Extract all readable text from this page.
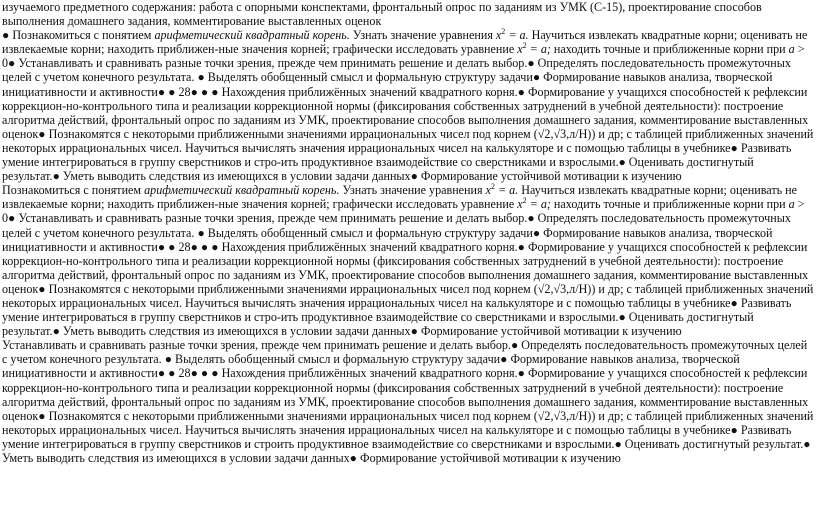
изучаемого предметного содержания: работа с опорными конспектами, фронтальный опрос по заданиям из УМК (С-15), проектирование способов выполнения домашнего задания, комментирование выставленных оценок

● Познакомиться с понятием арифметический квадратный корень. Узнать значение уравнения $x^2 = a$. Научиться извлекать квадратные корни; оценивать не извлекаемые корни; находить приближен-ные значения корней; графически исследовать уравнение $x^2 = a$; находить точные и приближенные корни при a > 0● Устанавливать и сравнивать разные точки зрения, прежде чем принимать решение и делать выбор.● Определять последовательность промежуточных целей с учетом конечного результата. ● Выделять обобщенный смысл и формальную структуру задачи● Формирование навыков анализа, творческой инициативности и активности● ● 28● ● ● Нахождения приближённых значений квадратного корня.● Формирование у учащихся способностей к рефлексии коррекцион-но-контрольного типа и реализации коррекционной нормы (фиксирования собственных затруднений в учебной деятельности): построение алгоритма действий, фронтальный опрос по заданиям из УМК, проектирование способов выполнения домашнего задания, комментирование выставленных оценок● Познакомятся с некоторыми приближенными значениями иррациональных чисел под корнем (√2,√3,л/Н)) и др; с таблицей приближенных значений некоторых иррациональных чисел. Научиться вычислять значения иррациональных чисел на калькуляторе и с помощью таблицы в учебнике● Развивать умение интегрироваться в группу сверстников и стро-ить продуктивное взаимодействие со сверстниками и взрослыми.● Оценивать достигнутый результат.● Уметь выводить следствия из имеющихся в условии задачи данных● Формирование устойчивой мотивации к изучению

Познакомиться с понятием арифметический квадратный корень. Узнать значение уравнения $x^2 = a$. Научиться извлекать квадратные корни; оценивать не извлекаемые корни; находить приближен-ные значения корней; графически исследовать уравнение $x^2 = a$; находить точные и приближенные корни при a > 0● Устанавливать и сравнивать разные точки зрения, прежде чем принимать решение и делать выбор.● Определять последовательность промежуточных целей с учетом конечного результата. ● Выделять обобщенный смысл и формальную структуру задачи● Формирование навыков анализа, творческой инициативности и активности● ● 28● ● ● Нахождения приближённых значений квадратного корня.● Формирование у учащихся способностей к рефлексии коррекцион-но-контрольного типа и реализации коррекционной нормы (фиксирования собственных затруднений в учебной деятельности): построение алгоритма действий, фронтальный опрос по заданиям из УМК, проектирование способов выполнения домашнего задания, комментирование выставленных оценок● Познакомятся с некоторыми приближенными значениями иррациональных чисел под корнем (√2,√3,л/Н)) и др; с таблицей приближенных значений некоторых иррациональных чисел. Научиться вычислять значения иррациональных чисел на калькуляторе и с помощью таблицы в учебнике● Развивать умение интегрироваться в группу сверстников и стро-ить продуктивное взаимодействие со сверстниками и взрослыми.● Оценивать достигнутый результат.● Уметь выводить следствия из имеющихся в условии задачи данных● Формирование устойчивой мотивации к изучению

Устанавливать и сравнивать разные точки зрения, прежде чем принимать решение и делать выбор.● Определять последовательность промежуточных целей с учетом конечного результата. ● Выделять обобщенный смысл и формальную структуру задачи● Формирование навыков анализа, творческой инициативности и активности● ● 28● ● ● Нахождения приближённых значений квадратного корня.● Формирование у учащихся способностей к рефлексии коррекцион-но-контрольного типа и реализации коррекционной нормы (фиксирования собственных затруднений в учебной деятельности): построение алгоритма действий, фронтальный опрос по заданиям из УМК, проектирование способов выполнения домашнего задания, комментирование выставленных оценок● Познакомятся с некоторыми приближенными значениями иррациональных чисел под корнем (√2,√3,л/Н)) и др; с таблицей приближенных значений некоторых иррациональных чисел. Научиться вычислять значения иррациональных чисел на калькуляторе и с помощью таблицы в учебнике● Развивать умение интегрироваться в группу сверстников и строить продуктивное взаимодействие со сверстниками и взрослыми.● Оценивать достигнутый результат.● Уметь выводить следствия из имеющихся в условии задачи данных● Формирование устойчивой мотивации к изучению
